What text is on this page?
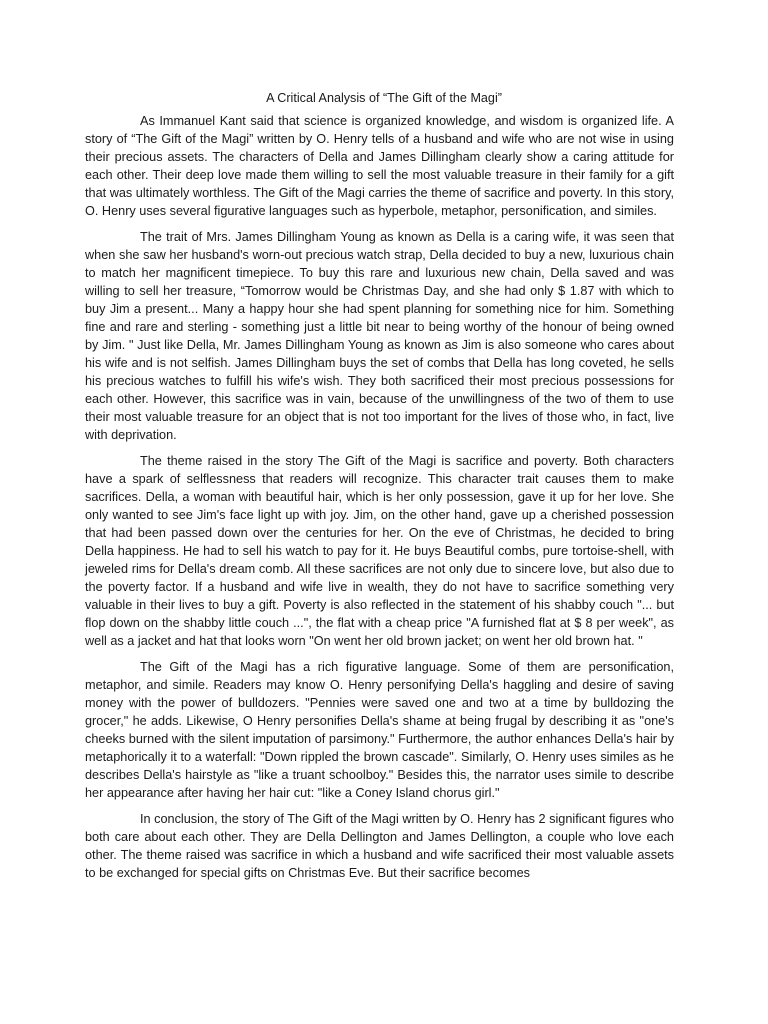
A Critical Analysis of “The Gift of the Magi”

As Immanuel Kant said that science is organized knowledge, and wisdom is organized life. A story of “The Gift of the Magi” written by O. Henry tells of a husband and wife who are not wise in using their precious assets. The characters of Della and James Dillingham clearly show a caring attitude for each other. Their deep love made them willing to sell the most valuable treasure in their family for a gift that was ultimately worthless. The Gift of the Magi carries the theme of sacrifice and poverty. In this story, O. Henry uses several figurative languages such as hyperbole, metaphor, personification, and similes.

The trait of Mrs. James Dillingham Young as known as Della is a caring wife, it was seen that when she saw her husband's worn-out precious watch strap, Della decided to buy a new, luxurious chain to match her magnificent timepiece. To buy this rare and luxurious new chain, Della saved and was willing to sell her treasure, “Tomorrow would be Christmas Day, and she had only $ 1.87 with which to buy Jim a present... Many a happy hour she had spent planning for something nice for him. Something fine and rare and sterling - something just a little bit near to being worthy of the honour of being owned by Jim. " Just like Della, Mr. James Dillingham Young as known as Jim is also someone who cares about his wife and is not selfish. James Dillingham buys the set of combs that Della has long coveted, he sells his precious watches to fulfill his wife's wish. They both sacrificed their most precious possessions for each other. However, this sacrifice was in vain, because of the unwillingness of the two of them to use their most valuable treasure for an object that is not too important for the lives of those who, in fact, live with deprivation.

The theme raised in the story The Gift of the Magi is sacrifice and poverty. Both characters have a spark of selflessness that readers will recognize. This character trait causes them to make sacrifices. Della, a woman with beautiful hair, which is her only possession, gave it up for her love. She only wanted to see Jim's face light up with joy. Jim, on the other hand, gave up a cherished possession that had been passed down over the centuries for her. On the eve of Christmas, he decided to bring Della happiness. He had to sell his watch to pay for it. He buys Beautiful combs, pure tortoise-shell, with jeweled rims for Della's dream comb. All these sacrifices are not only due to sincere love, but also due to the poverty factor. If a husband and wife live in wealth, they do not have to sacrifice something very valuable in their lives to buy a gift. Poverty is also reflected in the statement of his shabby couch "... but flop down on the shabby little couch ...", the flat with a cheap price "A furnished flat at $ 8 per week", as well as a jacket and hat that looks worn "On went her old brown jacket; on went her old brown hat. "

The Gift of the Magi has a rich figurative language. Some of them are personification, metaphor, and simile. Readers may know O. Henry personifying Della's haggling and desire of saving money with the power of bulldozers. "Pennies were saved one and two at a time by bulldozing the grocer," he adds. Likewise, O Henry personifies Della's shame at being frugal by describing it as "one's cheeks burned with the silent imputation of parsimony." Furthermore, the author enhances Della's hair by metaphorically it to a waterfall: "Down rippled the brown cascade". Similarly, O. Henry uses similes as he describes Della's hairstyle as "like a truant schoolboy." Besides this, the narrator uses simile to describe her appearance after having her hair cut: "like a Coney Island chorus girl."

In conclusion, the story of The Gift of the Magi written by O. Henry has 2 significant figures who both care about each other. They are Della Dellington and James Dellington, a couple who love each other. The theme raised was sacrifice in which a husband and wife sacrificed their most valuable assets to be exchanged for special gifts on Christmas Eve. But their sacrifice becomes
